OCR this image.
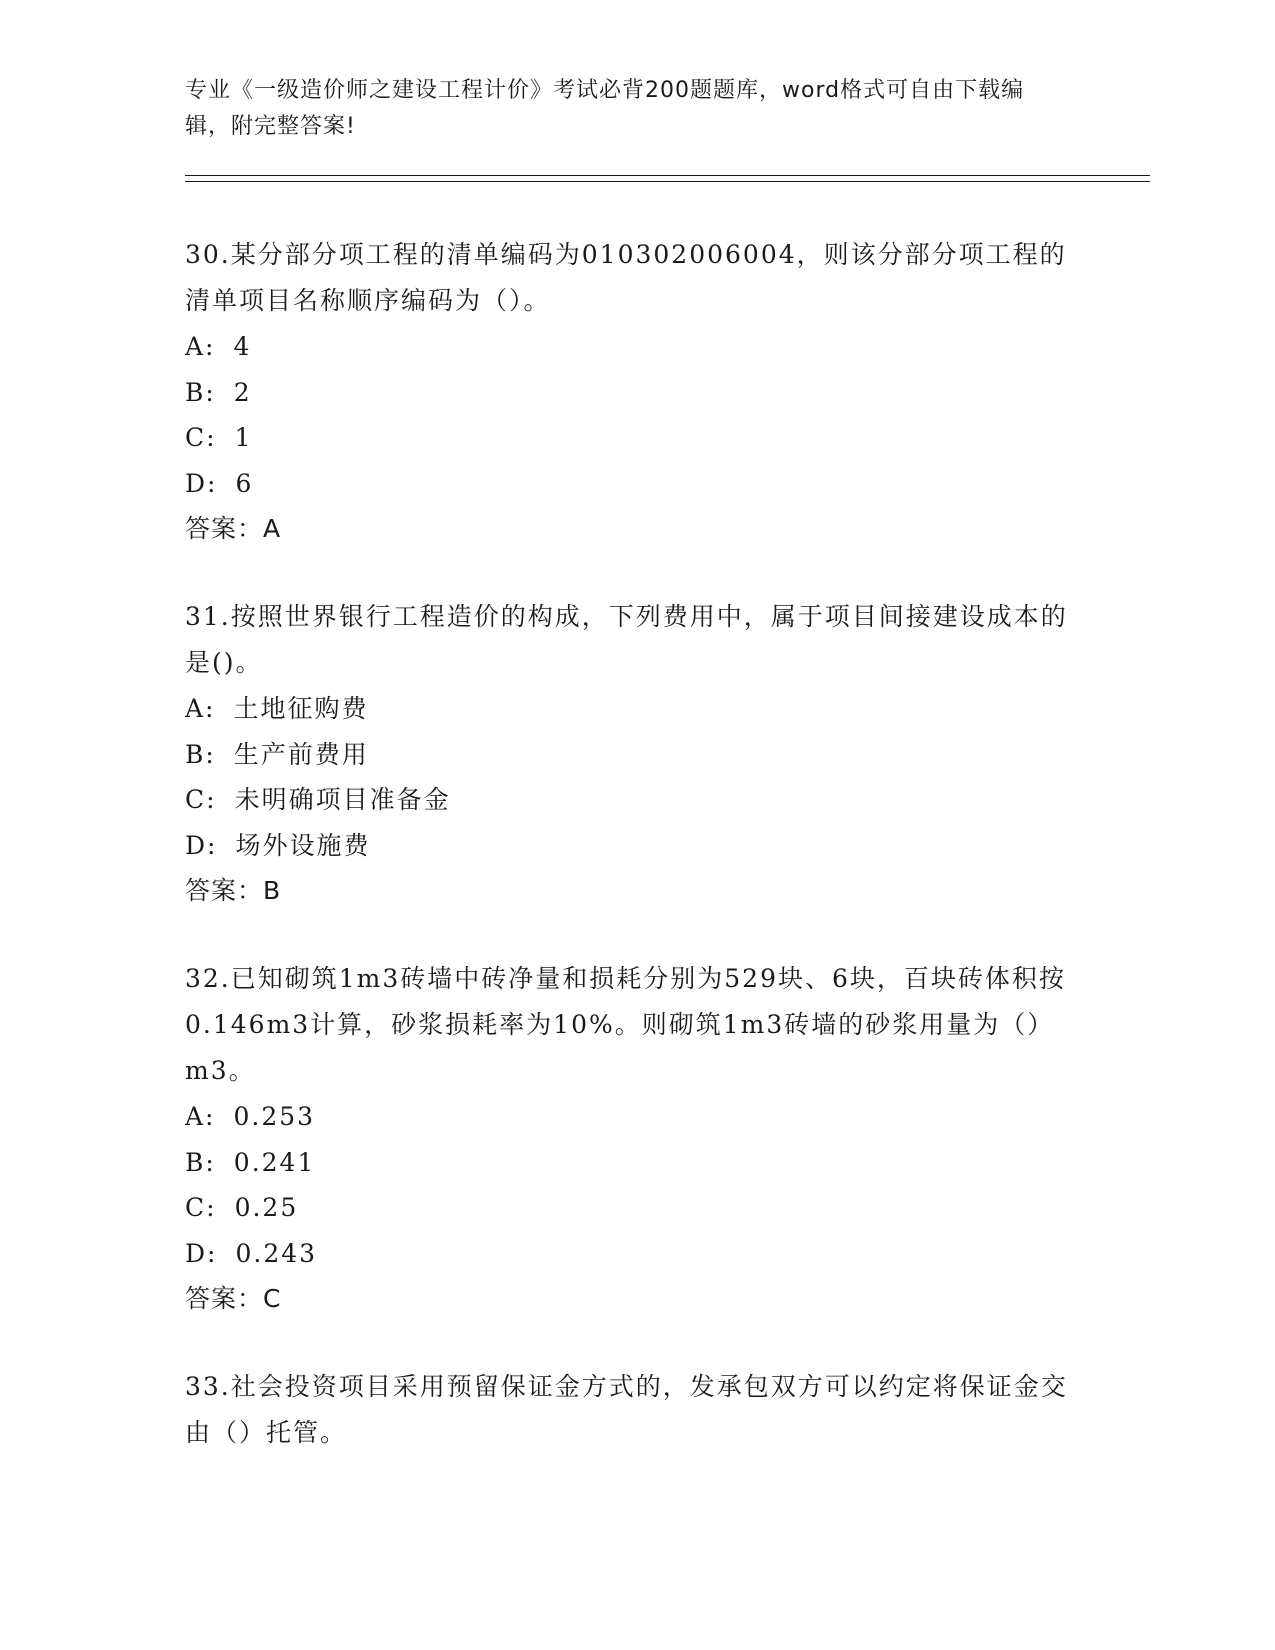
专业《一级造价师之建设工程计价》考试必背200题题库，word格式可自由下载编辑，附完整答案!
30.某分部分项工程的清单编码为010302006004，则该分部分项工程的清单项目名称顺序编码为（）。
A: 4
B: 2
C: 1
D: 6
答案：A
31.按照世界银行工程造价的构成，下列费用中，属于项目间接建设成本的是()。
A: 土地征购费
B: 生产前费用
C: 未明确项目准备金
D: 场外设施费
答案：B
32.已知砌筑1m3砖墙中砖净量和损耗分别为529块、6块，百块砖体积按0.146m3计算，砂浆损耗率为10%。则砌筑1m3砖墙的砂浆用量为（）m3。
A: 0.253
B: 0.241
C: 0.25
D: 0.243
答案：C
33.社会投资项目采用预留保证金方式的，发承包双方可以约定将保证金交由（）托管。
